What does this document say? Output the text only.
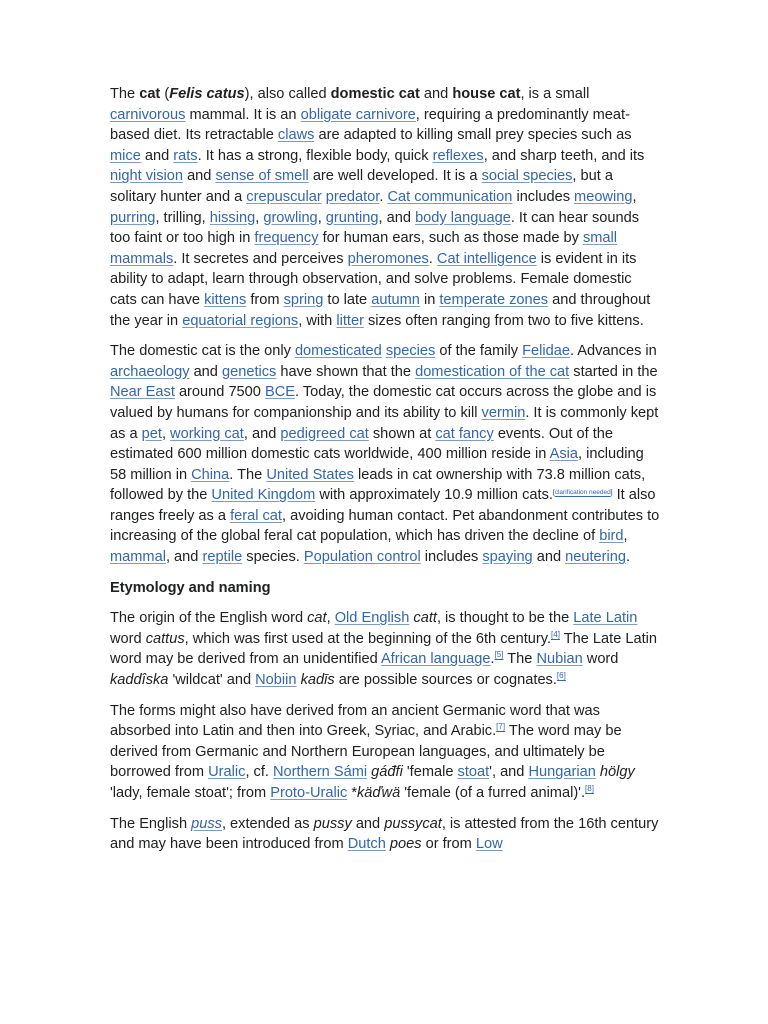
The cat (Felis catus), also called domestic cat and house cat, is a small carnivorous mammal. It is an obligate carnivore, requiring a predominantly meat-based diet. Its retractable claws are adapted to killing small prey species such as mice and rats. It has a strong, flexible body, quick reflexes, and sharp teeth, and its night vision and sense of smell are well developed. It is a social species, but a solitary hunter and a crepuscular predator. Cat communication includes meowing, purring, trilling, hissing, growling, grunting, and body language. It can hear sounds too faint or too high in frequency for human ears, such as those made by small mammals. It secretes and perceives pheromones. Cat intelligence is evident in its ability to adapt, learn through observation, and solve problems. Female domestic cats can have kittens from spring to late autumn in temperate zones and throughout the year in equatorial regions, with litter sizes often ranging from two to five kittens.

The domestic cat is the only domesticated species of the family Felidae. Advances in archaeology and genetics have shown that the domestication of the cat started in the Near East around 7500 BCE. Today, the domestic cat occurs across the globe and is valued by humans for companionship and its ability to kill vermin. It is commonly kept as a pet, working cat, and pedigreed cat shown at cat fancy events. Out of the estimated 600 million domestic cats worldwide, 400 million reside in Asia, including 58 million in China. The United States leads in cat ownership with 73.8 million cats, followed by the United Kingdom with approximately 10.9 million cats.[clarification needed] It also ranges freely as a feral cat, avoiding human contact. Pet abandonment contributes to increasing of the global feral cat population, which has driven the decline of bird, mammal, and reptile species. Population control includes spaying and neutering.

Etymology and naming

The origin of the English word cat, Old English catt, is thought to be the Late Latin word cattus, which was first used at the beginning of the 6th century.[4] The Late Latin word may be derived from an unidentified African language.[5] The Nubian word kaddîska 'wildcat' and Nobiin kadīs are possible sources or cognates.[6]

The forms might also have derived from an ancient Germanic word that was absorbed into Latin and then into Greek, Syriac, and Arabic.[7] The word may be derived from Germanic and Northern European languages, and ultimately be borrowed from Uralic, cf. Northern Sámi gáđfi 'female stoat', and Hungarian hölgy 'lady, female stoat'; from Proto-Uralic *käďwä 'female (of a furred animal)'.[8]

The English puss, extended as pussy and pussycat, is attested from the 16th century and may have been introduced from Dutch poes or from Low
